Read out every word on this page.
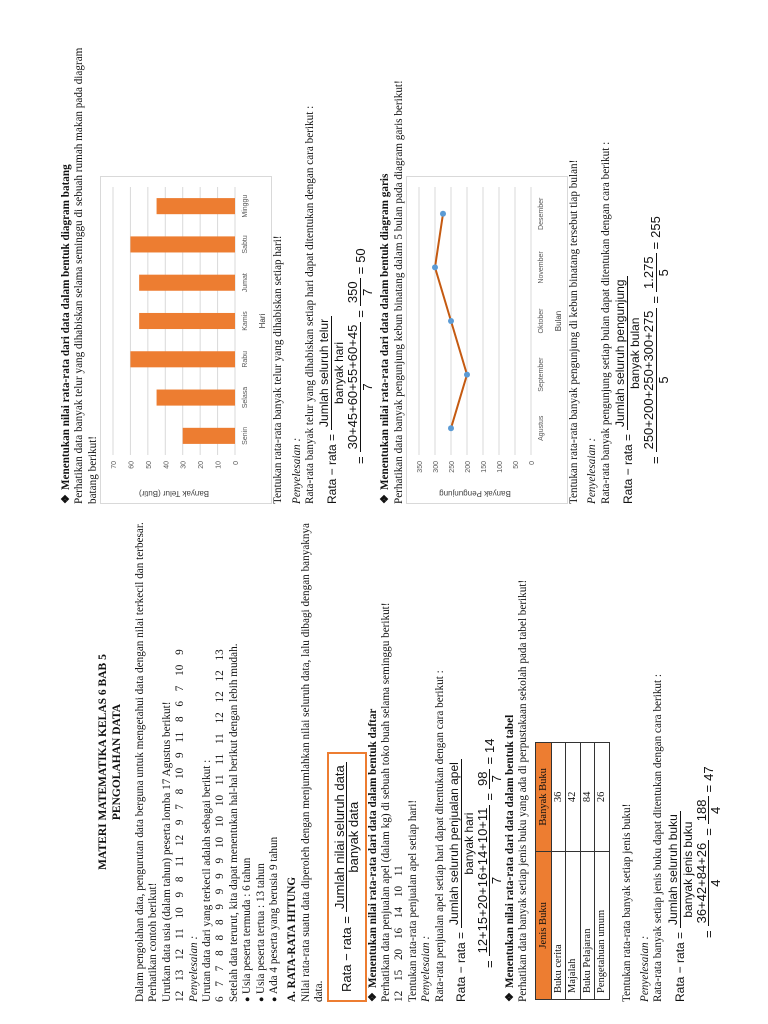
MATERI MATEMATIKA KELAS 6 BAB 5 PENGOLAHAN DATA Dalam pengolahan data, pengurutan data berguna untuk mengetahui data dengan nilai terkecil dan terbesar. Perhatikan contoh berikut! Urutkan data usia (dalam tahun) peserta lomba 17 Agustus berikut! 12 13 12 11 10 9 8 11 12 9 7 8 10 9 11 8 6 7 10 9 Penyelesaian : Urutan data dari yang terkecil adalah sebagai berikut : 6 7 7 8 8 8 9 9 9 9 10 10 10 11 11 11 12 12 12 13 Setelah data terurut, kita dapat menentukan hal-hal berikut dengan lebih mudah. ● Usia peserta termuda : 6 tahun ● Usia peserta tertua : 13 tahun ● Ada 4 peserta yang berusia 9 tahun A. RATA-RATA HITUNG Nilai rata-rata suatu data diperoleh dengan menjumlahkan nilai seluruh data, lalu dibagi dengan banyaknya data. Rata − rata =
Jumlah nilai seluruh data banyak data

❖Menentukan nilai rata-rata dari data dalam bentuk daftar Perhatikan data penjualan apel (dalam kg) di sebuah toko buah selama seminggu berikut! 12 15 20 16 14 10 11 Tentukan rata-rata penjualan apel setiap hari! Penyelesaian : Rata-rata penjualan apel setiap hari dapat ditentukan dengan cara berikut : Rata − rata =
Jumlah seluruh penjualan apel banyak hari
=
12+15+20+16+14+10+11 7
=
98 7
=
14

❖Menentukan nilai rata-rata dari data dalam bentuk tabel Perhatikan data banyak setiap jenis buku yang ada di perpustakaan sekolah pada tabel berikut! Jenis Buku	Banyak Buku
Buku cerita	36
Majalah	42
Buku Pelajaran	84
Pengetahuan umum	26

Tentukan rata-rata banyak setiap jenis buku! Penyelesaian : Rata-rata banyak setiap jenis buku dapat ditentukan dengan cara berikut : Rata − rata =
Jumlah seluruh buku banyak jenis buku
=
36+42+84+26 4
=
188 4
=
47

❖Menentukan nilai rata-rata dari data dalam bentuk diagram batang Perhatikan data banyak telur yang dihabiskan selama seminggu di sebuah rumah makan pada diagram batang berikut!	0
10
20
30
40
50
60
70
Banyak Telur (Butir)
Senin
Selasa
Rabu
Kamis
Jumat
Sabtu
Minggu
Hari Tentukan rata-rata banyak telur yang dihabiskan setiap hari! Penyelesaian : Rata-rata banyak telur yang dihabiskan setiap hari dapat ditentukan dengan cara berikut : Rata − rata =
Jumlah seluruh telur banyak hari
=
30+45+60+55+60+45 7
=
350 7
=
50

❖Menentukan nilai rata-rata dari data dalam bentuk diagram garis Perhatikan data banyak pengunjung kebun binatang dalam 5 bulan pada diagram garis berikut!	0
50
100
150
200
250
300
350
Banyak Pengunjung
Agustus
September
Oktober
November
Desember
Bulan Tentukan rata-rata banyak pengunjung di kebun binatang tersebut tiap bulan! Penyelesaian : Rata-rata banyak pengunjung setiap bulan dapat ditentukan dengan cara berikut : Rata − rata =
Jumlah seluruh pengunjung banyak bulan
=
250+200+250+300+275 5
=
1.275 5
=
255
